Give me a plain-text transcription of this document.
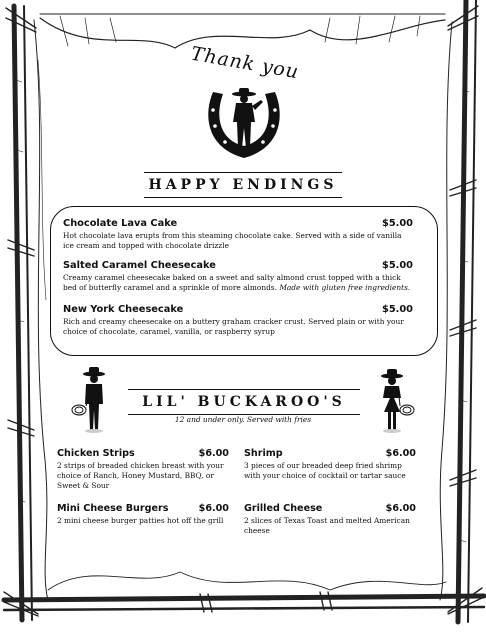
Thank you
HAPPY ENDINGS
Chocolate Lava Cake	$5.00
Hot chocolate lava erupts from this steaming chocolate cake. Served with a side of vanilla ice cream and topped with chocolate drizzle
Salted Caramel Cheesecake	$5.00
Creamy caramel cheesecake baked on a sweet and salty almond crust topped with a thick bed of butterfly caramel and a sprinkle of more almonds. Made with gluten free ingredients.
New York Cheesecake	$5.00
Rich and creamy cheesecake on a buttery graham cracker crust. Served plain or with your choice of chocolate, caramel, vanilla, or raspberry syrup
LIL' BUCKAROO'S
12 and under only. Served with fries
Chicken Strips	$6.00
2 strips of breaded chicken breast with your choice of Ranch, Honey Mustard, BBQ, or Sweet & Sour
Shrimp	$6.00
3 pieces of our breaded deep fried shrimp with your choice of cocktail or tartar sauce
Mini Cheese Burgers	$6.00
2 mini cheese burger patties hot off the grill
Grilled Cheese	$6.00
2 slices of Texas Toast and melted American cheese
